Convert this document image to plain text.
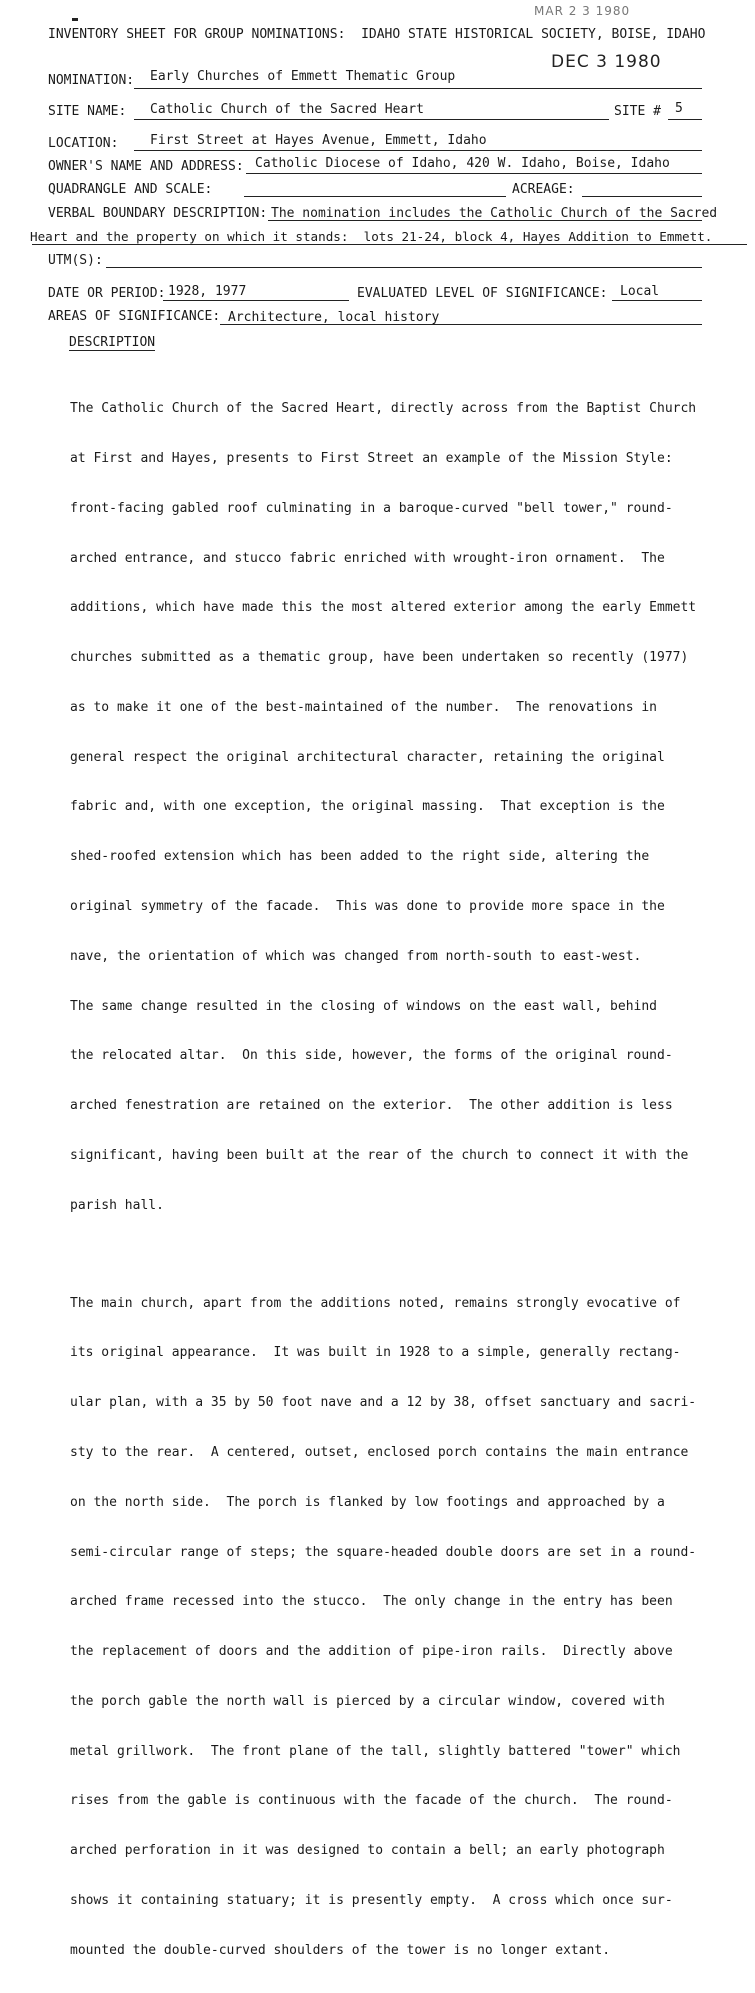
MAR 2 3 1980
DEC 3 1980
INVENTORY SHEET FOR GROUP NOMINATIONS:  IDAHO STATE HISTORICAL SOCIETY, BOISE, IDAHO
NOMINATION: Early Churches of Emmett Thematic Group
SITE NAME: Catholic Church of the Sacred Heart	SITE # 5
LOCATION: First Street at Hayes Avenue, Emmett, Idaho
OWNER'S NAME AND ADDRESS: Catholic Diocese of Idaho, 420 W. Idaho, Boise, Idaho
QUADRANGLE AND SCALE:	ACREAGE:
VERBAL BOUNDARY DESCRIPTION: The nomination includes the Catholic Church of the Sacred
Heart and the property on which it stands:  lots 21-24, block 4, Hayes Addition to Emmett.
UTM(S):
DATE OR PERIOD: 1928, 1977	EVALUATED LEVEL OF SIGNIFICANCE: Local
AREAS OF SIGNIFICANCE: Architecture, local history
DESCRIPTION

The Catholic Church of the Sacred Heart, directly across from the Baptist Church

at First and Hayes, presents to First Street an example of the Mission Style:

front-facing gabled roof culminating in a baroque-curved "bell tower," round-

arched entrance, and stucco fabric enriched with wrought-iron ornament.  The

additions, which have made this the most altered exterior among the early Emmett

churches submitted as a thematic group, have been undertaken so recently (1977)

as to make it one of the best-maintained of the number.  The renovations in

general respect the original architectural character, retaining the original

fabric and, with one exception, the original massing.  That exception is the

shed-roofed extension which has been added to the right side, altering the

original symmetry of the facade.  This was done to provide more space in the

nave, the orientation of which was changed from north-south to east-west.

The same change resulted in the closing of windows on the east wall, behind

the relocated altar.  On this side, however, the forms of the original round-

arched fenestration are retained on the exterior.  The other addition is less

significant, having been built at the rear of the church to connect it with the

parish hall.

The main church, apart from the additions noted, remains strongly evocative of

its original appearance.  It was built in 1928 to a simple, generally rectang-

ular plan, with a 35 by 50 foot nave and a 12 by 38, offset sanctuary and sacri-

sty to the rear.  A centered, outset, enclosed porch contains the main entrance

on the north side.  The porch is flanked by low footings and approached by a

semi-circular range of steps; the square-headed double doors are set in a round-

arched frame recessed into the stucco.  The only change in the entry has been

the replacement of doors and the addition of pipe-iron rails.  Directly above

the porch gable the north wall is pierced by a circular window, covered with

metal grillwork.  The front plane of the tall, slightly battered "tower" which

rises from the gable is continuous with the facade of the church.  The round-

arched perforation in it was designed to contain a bell; an early photograph

shows it containing statuary; it is presently empty.  A cross which once sur-

mounted the double-curved shoulders of the tower is no longer extant.
